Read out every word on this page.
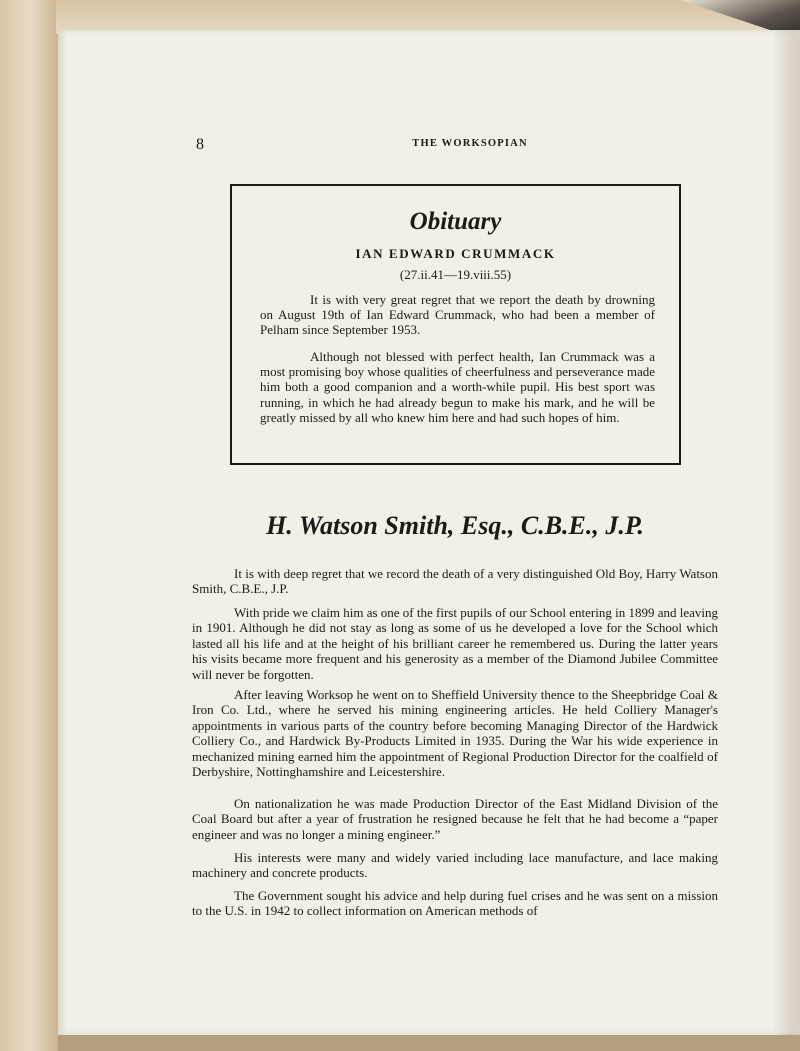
8	THE WORKSOPIAN
Obituary
IAN EDWARD CRUMMACK
(27.ii.41—19.viii.55)

It is with very great regret that we report the death by drowning on August 19th of Ian Edward Crummack, who had been a member of Pelham since September 1953.

Although not blessed with perfect health, Ian Crummack was a most promising boy whose qualities of cheerfulness and perseverance made him both a good companion and a worth-while pupil. His best sport was running, in which he had already begun to make his mark, and he will be greatly missed by all who knew him here and had such hopes of him.

H. Watson Smith, Esq., C.B.E., J.P.

It is with deep regret that we record the death of a very distinguished Old Boy, Harry Watson Smith, C.B.E., J.P.

With pride we claim him as one of the first pupils of our School entering in 1899 and leaving in 1901. Although he did not stay as long as some of us he developed a love for the School which lasted all his life and at the height of his brilliant career he remembered us. During the latter years his visits became more frequent and his generosity as a member of the Diamond Jubilee Committee will never be forgotten.

After leaving Worksop he went on to Sheffield University thence to the Sheepbridge Coal & Iron Co. Ltd., where he served his mining engineering articles. He held Colliery Manager's appointments in various parts of the country before becoming Managing Director of the Hardwick Colliery Co., and Hardwick By-Products Limited in 1935. During the War his wide experience in mechanized mining earned him the appointment of Regional Production Director for the coalfield of Derbyshire, Nottinghamshire and Leicestershire.

On nationalization he was made Production Director of the East Midland Division of the Coal Board but after a year of frustration he resigned because he felt that he had become a “paper engineer and was no longer a mining engineer.”

His interests were many and widely varied including lace manufacture, and lace making machinery and concrete products.

The Government sought his advice and help during fuel crises and he was sent on a mission to the U.S. in 1942 to collect information on American methods of
